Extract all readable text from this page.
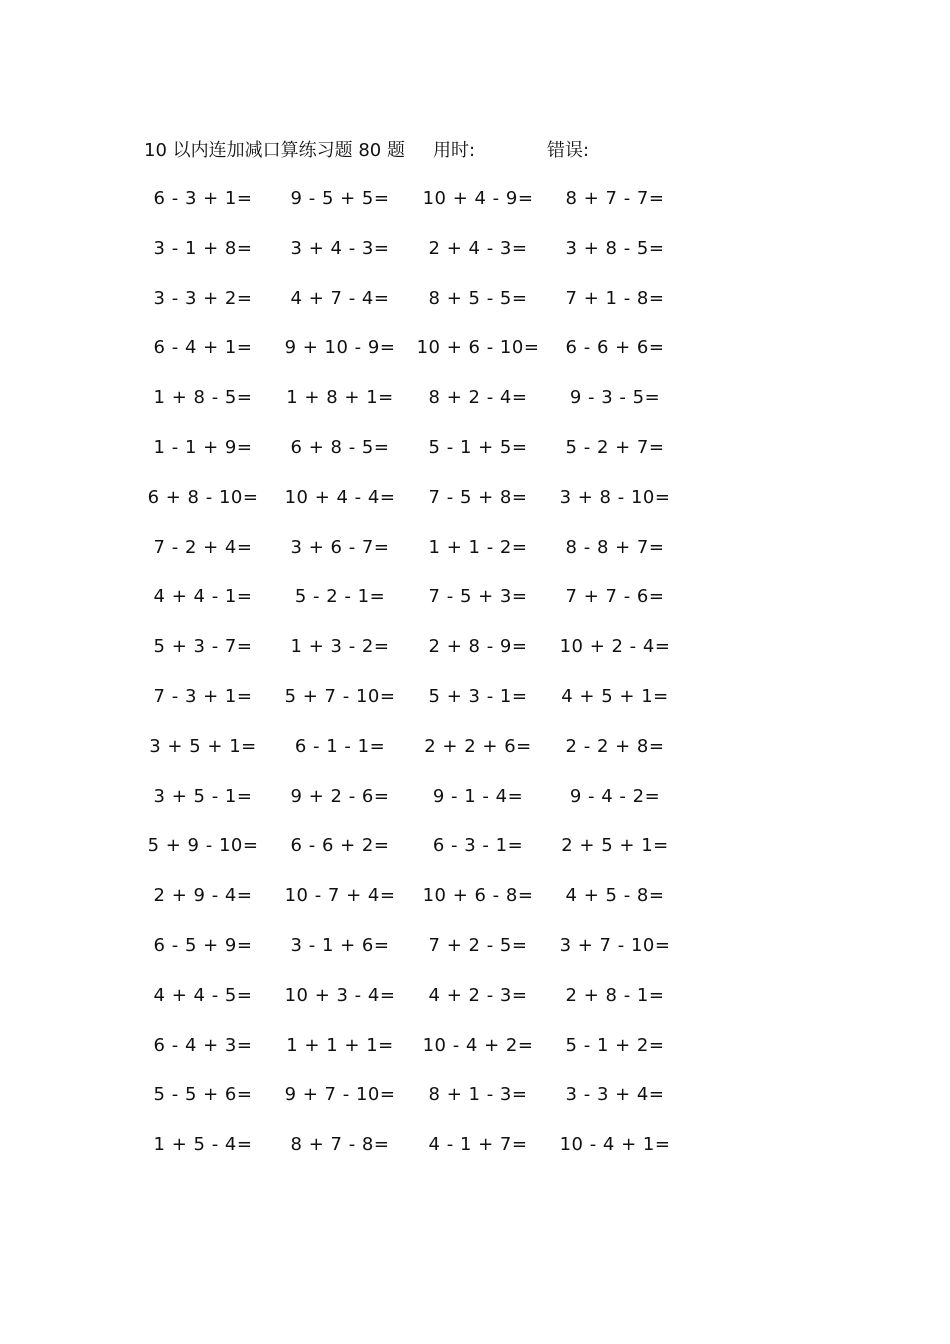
10 以内连加减口算练习题 80 题 用时:	错误:
6 - 3 + 1= 9 - 5 + 5= 10 + 4 - 9= 8 + 7 - 7=
3 - 1 + 8= 3 + 4 - 3= 2 + 4 - 3= 3 + 8 - 5=
3 - 3 + 2= 4 + 7 - 4= 8 + 5 - 5= 7 + 1 - 8=
6 - 4 + 1= 9 + 10 - 9= 10 + 6 - 10= 6 - 6 + 6=
1 + 8 - 5= 1 + 8 + 1= 8 + 2 - 4= 9 - 3 - 5=
1 - 1 + 9= 6 + 8 - 5= 5 - 1 + 5= 5 - 2 + 7=
6 + 8 - 10= 10 + 4 - 4= 7 - 5 + 8= 3 + 8 - 10=
7 - 2 + 4= 3 + 6 - 7= 1 + 1 - 2= 8 - 8 + 7=
4 + 4 - 1= 5 - 2 - 1= 7 - 5 + 3= 7 + 7 - 6=
5 + 3 - 7= 1 + 3 - 2= 2 + 8 - 9= 10 + 2 - 4=
7 - 3 + 1= 5 + 7 - 10= 5 + 3 - 1= 4 + 5 + 1=
3 + 5 + 1= 6 - 1 - 1= 2 + 2 + 6= 2 - 2 + 8=
3 + 5 - 1= 9 + 2 - 6= 9 - 1 - 4=	9 - 4 - 2=
5 + 9 - 10= 6 - 6 + 2= 6 - 3 - 1= 2 + 5 + 1=
2 + 9 - 4= 10 - 7 + 4= 10 + 6 - 8= 4 + 5 - 8=
6 - 5 + 9= 3 - 1 + 6= 7 + 2 - 5= 3 + 7 - 10=
4 + 4 - 5= 10 + 3 - 4= 4 + 2 - 3= 2 + 8 - 1=
6 - 4 + 3= 1 + 1 + 1= 10 - 4 + 2= 5 - 1 + 2=
5 - 5 + 6= 9 + 7 - 10= 8 + 1 - 3= 3 - 3 + 4=
1 + 5 - 4= 8 + 7 - 8= 4 - 1 + 7= 10 - 4 + 1=
